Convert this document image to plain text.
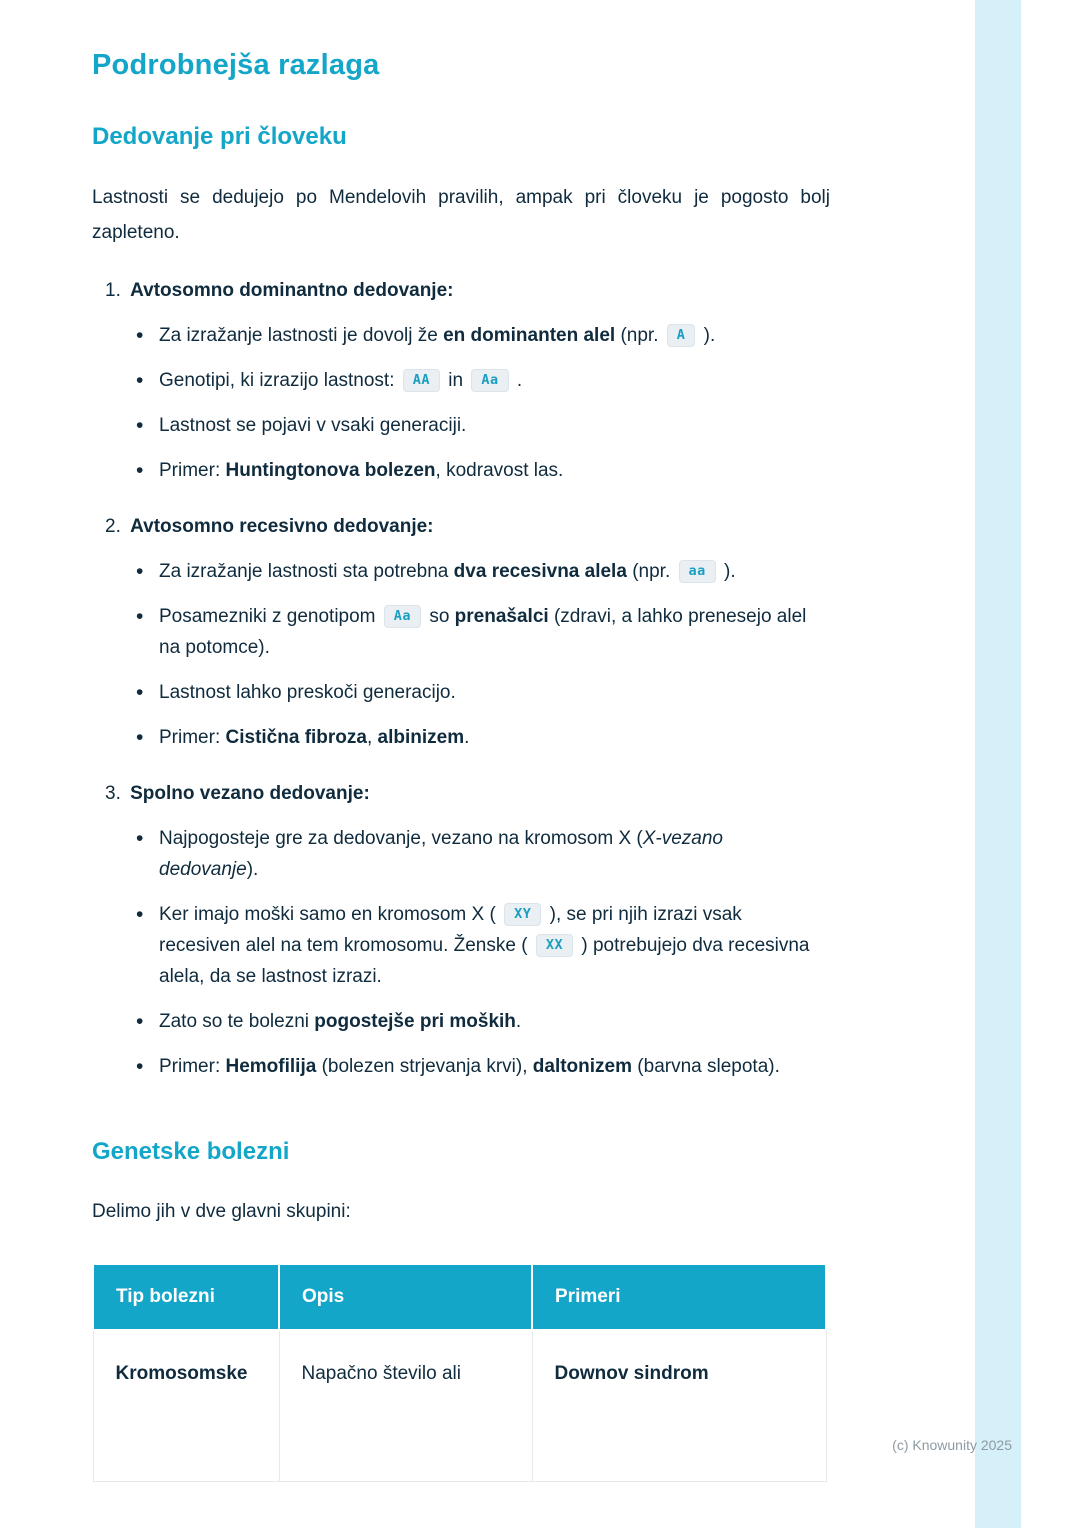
Podrobnejša razlaga
Dedovanje pri človeku

Lastnosti se dedujejo po Mendelovih pravilih, ampak pri človeku je pogosto bolj zapleteno.

1. Avtosomno dominantno dedovanje:
• Za izražanje lastnosti je dovolj že en dominanten alel (npr. A ).
• Genotipi, ki izrazijo lastnost: AA in Aa .
• Lastnost se pojavi v vsaki generaciji.
• Primer: Huntingtonova bolezen, kodravost las.
2. Avtosomno recesivno dedovanje:
• Za izražanje lastnosti sta potrebna dva recesivna alela (npr. aa ).
• Posamezniki z genotipom Aa so prenašalci (zdravi, a lahko prenesejo alel na potomce).
• Lastnost lahko preskoči generacijo.
• Primer: Cistična fibroza, albinizem.
3. Spolno vezano dedovanje:
• Najpogosteje gre za dedovanje, vezano na kromosom X (X-vezano dedovanje).
• Ker imajo moški samo en kromosom X ( XY ), se pri njih izrazi vsak recesiven alel na tem kromosomu. Ženske ( XX ) potrebujejo dva recesivna alela, da se lastnost izrazi.
• Zato so te bolezni pogostejše pri moških.
• Primer: Hemofilija (bolezen strjevanja krvi), daltonizem (barvna slepota).
Genetske bolezni

Delimo jih v dve glavni skupini:

Tip bolezni	Opis	Primeri
Kromosomske	Napačno število ali	Downov sindrom
(c) Knowunity 2025
